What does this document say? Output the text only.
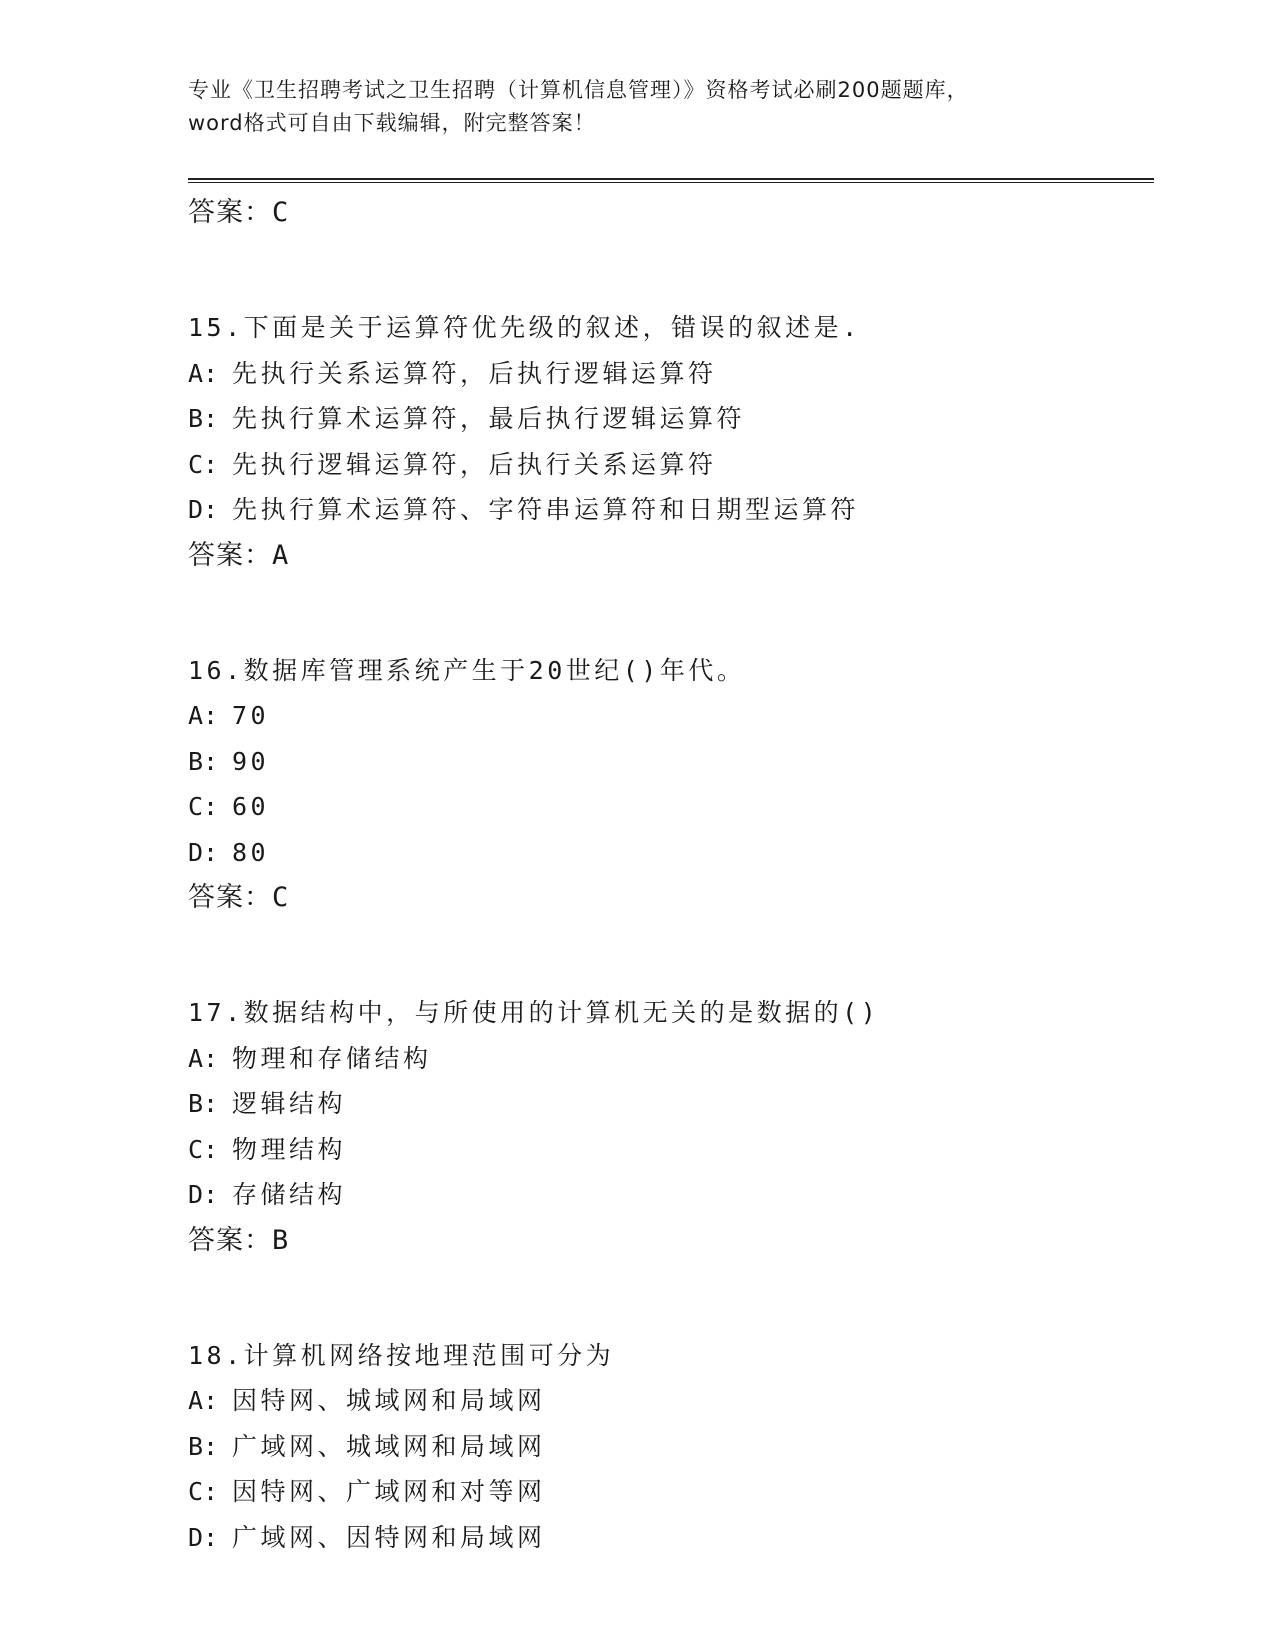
专业《卫生招聘考试之卫生招聘（计算机信息管理）》资格考试必刷200题题库，
word格式可自由下载编辑，附完整答案！
答案：C
15.下面是关于运算符优先级的叙述，错误的叙述是.
A: 先执行关系运算符，后执行逻辑运算符
B: 先执行算术运算符，最后执行逻辑运算符
C: 先执行逻辑运算符，后执行关系运算符
D: 先执行算术运算符、字符串运算符和日期型运算符
答案：A
16.数据库管理系统产生于20世纪()年代。
A: 70
B: 90
C: 60
D: 80
答案：C
17.数据结构中，与所使用的计算机无关的是数据的()
A: 物理和存储结构
B: 逻辑结构
C: 物理结构
D: 存储结构
答案：B
18.计算机网络按地理范围可分为
A: 因特网、城域网和局域网
B: 广域网、城域网和局域网
C: 因特网、广域网和对等网
D: 广域网、因特网和局域网
